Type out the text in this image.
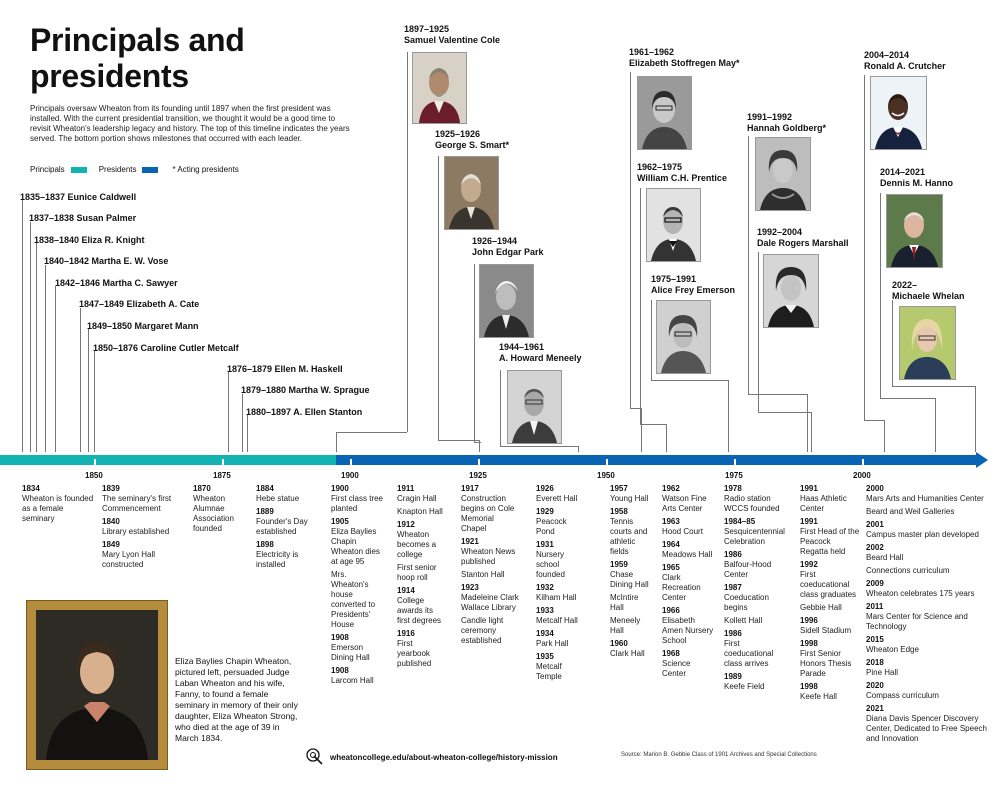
Principals and presidents
Principals oversaw Wheaton from its founding until 1897 when the first president was installed. With the current presidential transition, we thought it would be a good time to revisit Wheaton's leadership legacy and history. The top of this timeline indicates the years served. The bottom portion shows milestones that occurred with each leader.
Principals	Presidents	* Acting presidents
1835–1837 Eunice Caldwell
1837–1838 Susan Palmer
1838–1840 Eliza R. Knight
1840–1842 Martha E. W. Vose
1842–1846 Martha C. Sawyer
1847–1849 Elizabeth A. Cate
1849–1850 Margaret Mann
1850–1876 Caroline Cutler Metcalf
1876–1879 Ellen M. Haskell
1879–1880 Martha W. Sprague
1880–1897 A. Ellen Stanton
1897–1925
Samuel Valentine Cole
1925–1926
George S. Smart*
1926–1944
John Edgar Park
1944–1961
A. Howard Meneely
1961–1962
Elizabeth Stoffregen May*
1962–1975
William C.H. Prentice
1975–1991
Alice Frey Emerson
1991–1992
Hannah Goldberg*
1992–2004
Dale Rogers Marshall
2004–2014
Ronald A. Crutcher
2014–2021
Dennis M. Hanno
2022–
Michaele Whelan
1850	1875	1900	1925	1950	1975	2000
1834
Wheaton is founded as a female seminary
1839
The seminary's first Commencement
1840
Library established
1849
Mary Lyon Hall constructed
1870
Wheaton Alumnae Association founded
1884
Hebe statue
1889
Founder's Day established
1898
Electricity is installed
1900
First class tree planted
1905
Eliza Baylies Chapin Wheaton dies at age 95
Mrs. Wheaton's house converted to Presidents' House
1908
Emerson Dining Hall
1908
Larcom Hall
1911
Cragin Hall
Knapton Hall
1912
Wheaton becomes a college
First senior hoop roll
1914
College awards its first degrees
1916
First yearbook published
1917
Construction begins on Cole Memorial Chapel
1921
Wheaton News published
Stanton Hall
1923
Madeleine Clark Wallace Library
Candle light ceremony established
1926
Everett Hall
1929
Peacock Pond
1931
Nursery school founded
1932
Kilham Hall
1933
Metcalf Hall
1934
Park Hall
1935
Metcalf Temple
1957
Young Hall
1958
Tennis courts and athletic fields
1959
Chase Dining Hall
McIntire Hall
Meneely Hall
1960
Clark Hall
1962
Watson Fine Arts Center
1963
Hood Court
1964
Meadows Hall
1965
Clark Recreation Center
1966
Elisabeth Amen Nursery School
1968
Science Center
1978
Radio station WCCS founded
1984–85
Sesquicentennial Celebration
1986
Balfour-Hood Center
1987
Coeducation begins
Kollett Hall
1986
First coeducational class arrives
1989
Keefe Field
1991
Haas Athletic Center
1991
First Head of the Peacock Regatta held
1992
First coeducational class graduates
Gebbie Hall
1996
Sidell Stadium
1998
First Senior Honors Thesis Parade
1998
Keefe Hall
2000
Mars Arts and Humanities Center
Beard and Weil Galleries
2001
Campus master plan developed
2002
Beard Hall
Connections curriculum
2009
Wheaton celebrates 175 years
2011
Mars Center for Science and Technology
2015
Wheaton Edge
2018
Pine Hall
2020
Compass curriculum
2021
Diana Davis Spencer Discovery Center, Dedicated to Free Speech and Innovation
Eliza Baylies Chapin Wheaton, pictured left, persuaded Judge Laban Wheaton and his wife, Fanny, to found a female seminary in memory of their only daughter, Eliza Wheaton Strong, who died at the age of 39 in March 1834.
wheatoncollege.edu/about-wheaton-college/history-mission	Source: Marion B. Gebbie Class of 1901 Archives and Special Collections
